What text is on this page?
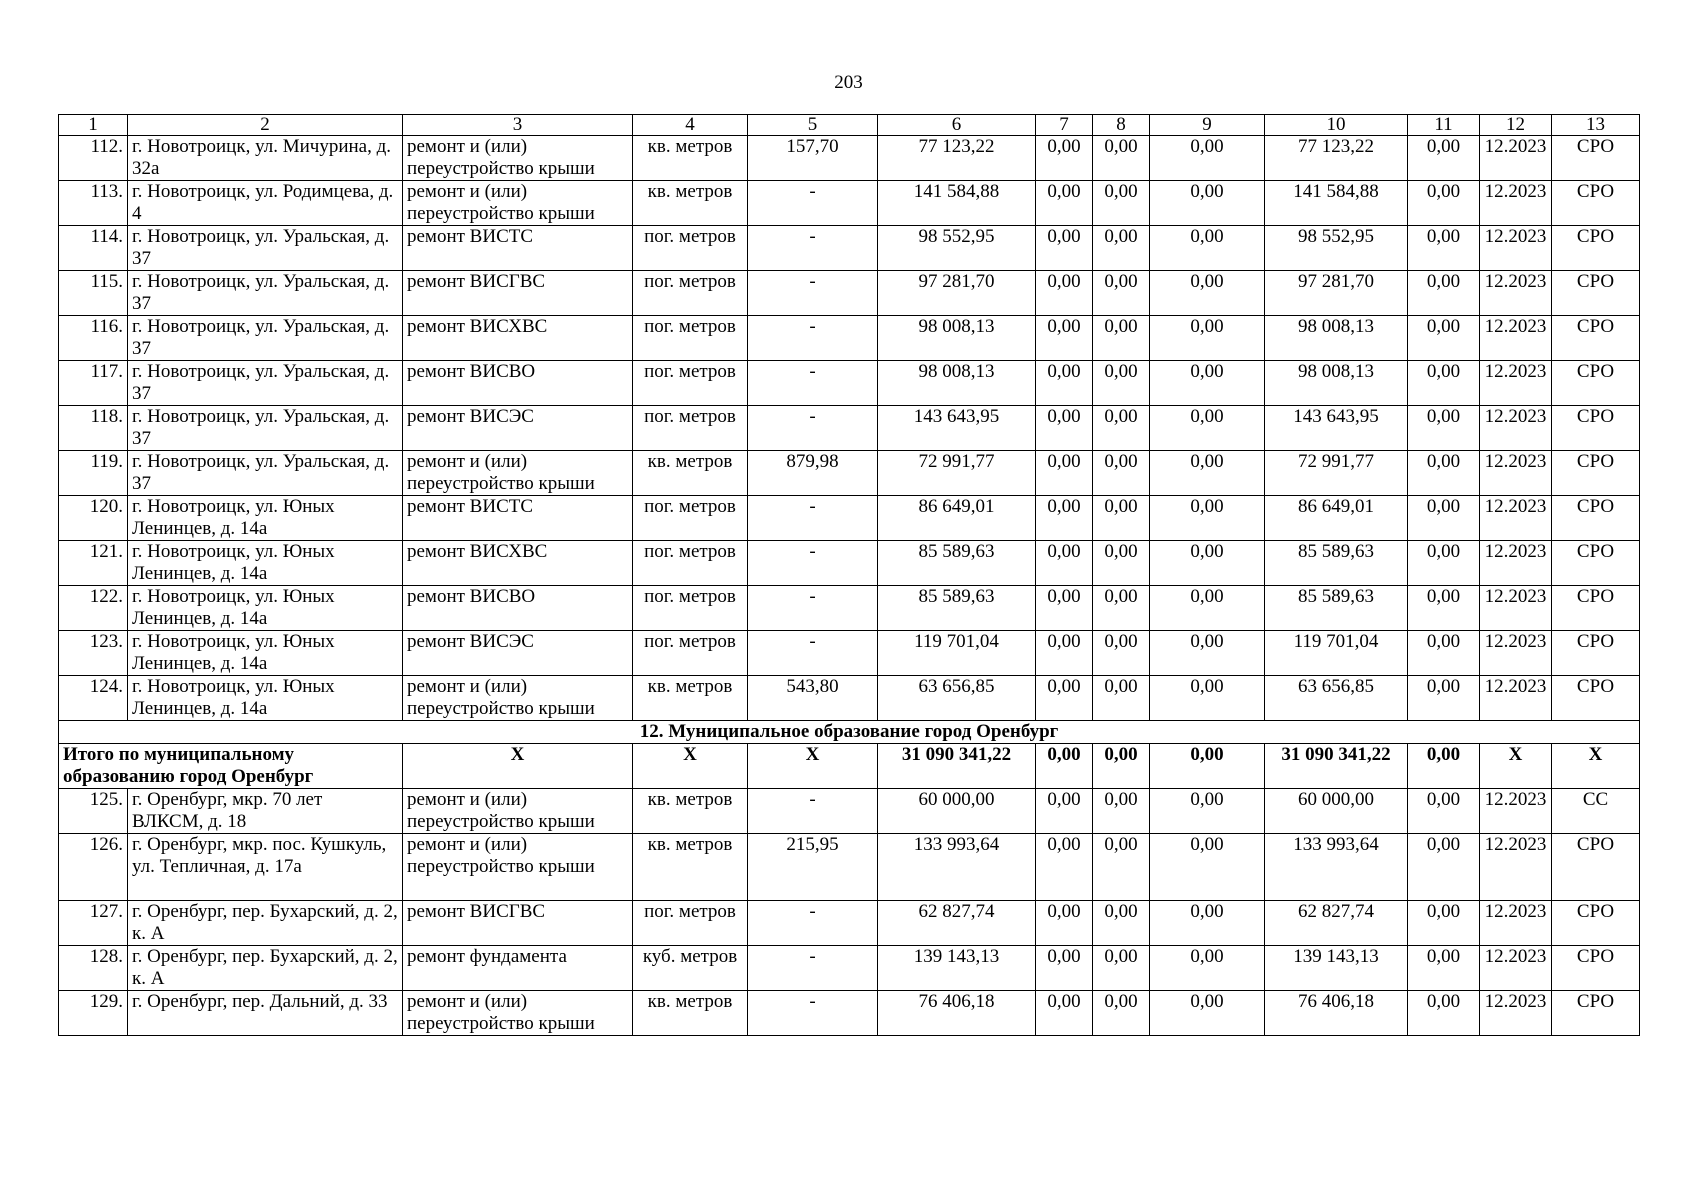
203
1	2	3	4	5	6	7	8	9	10	11	12	13
112.	г. Новотроицк, ул. Мичурина, д. 32а	ремонт и (или) переустройство крыши	кв. метров	157,70	77 123,22	0,00	0,00	0,00	77 123,22	0,00	12.2023	СРО
113.	г. Новотроицк, ул. Родимцева, д. 4	ремонт и (или) переустройство крыши	кв. метров	-	141 584,88	0,00	0,00	0,00	141 584,88	0,00	12.2023	СРО
114.	г. Новотроицк, ул. Уральская, д. 37	ремонт ВИСТС	пог. метров	-	98 552,95	0,00	0,00	0,00	98 552,95	0,00	12.2023	СРО
115.	г. Новотроицк, ул. Уральская, д. 37	ремонт ВИСГВС	пог. метров	-	97 281,70	0,00	0,00	0,00	97 281,70	0,00	12.2023	СРО
116.	г. Новотроицк, ул. Уральская, д. 37	ремонт ВИСХВС	пог. метров	-	98 008,13	0,00	0,00	0,00	98 008,13	0,00	12.2023	СРО
117.	г. Новотроицк, ул. Уральская, д. 37	ремонт ВИСВО	пог. метров	-	98 008,13	0,00	0,00	0,00	98 008,13	0,00	12.2023	СРО
118.	г. Новотроицк, ул. Уральская, д. 37	ремонт ВИСЭС	пог. метров	-	143 643,95	0,00	0,00	0,00	143 643,95	0,00	12.2023	СРО
119.	г. Новотроицк, ул. Уральская, д. 37	ремонт и (или) переустройство крыши	кв. метров	879,98	72 991,77	0,00	0,00	0,00	72 991,77	0,00	12.2023	СРО
120.	г. Новотроицк, ул. Юных Ленинцев, д. 14а	ремонт ВИСТС	пог. метров	-	86 649,01	0,00	0,00	0,00	86 649,01	0,00	12.2023	СРО
121.	г. Новотроицк, ул. Юных Ленинцев, д. 14а	ремонт ВИСХВС	пог. метров	-	85 589,63	0,00	0,00	0,00	85 589,63	0,00	12.2023	СРО
122.	г. Новотроицк, ул. Юных Ленинцев, д. 14а	ремонт ВИСВО	пог. метров	-	85 589,63	0,00	0,00	0,00	85 589,63	0,00	12.2023	СРО
123.	г. Новотроицк, ул. Юных Ленинцев, д. 14а	ремонт ВИСЭС	пог. метров	-	119 701,04	0,00	0,00	0,00	119 701,04	0,00	12.2023	СРО
124.	г. Новотроицк, ул. Юных Ленинцев, д. 14а	ремонт и (или) переустройство крыши	кв. метров	543,80	63 656,85	0,00	0,00	0,00	63 656,85	0,00	12.2023	СРО
12. Муниципальное образование город Оренбург												
Итого по муниципальному образованию город Оренбург		Х	Х	Х	31 090 341,22	0,00	0,00	0,00	31 090 341,22	0,00	Х	Х
125.	г. Оренбург, мкр. 70 лет ВЛКСМ, д. 18	ремонт и (или) переустройство крыши	кв. метров	-	60 000,00	0,00	0,00	0,00	60 000,00	0,00	12.2023	СС
126.	г. Оренбург, мкр. пос. Кушкуль, ул. Тепличная, д. 17а	ремонт и (или) переустройство крыши	кв. метров	215,95	133 993,64	0,00	0,00	0,00	133 993,64	0,00	12.2023	СРО
127.	г. Оренбург, пер. Бухарский, д. 2, к. А	ремонт ВИСГВС	пог. метров	-	62 827,74	0,00	0,00	0,00	62 827,74	0,00	12.2023	СРО
128.	г. Оренбург, пер. Бухарский, д. 2, к. А	ремонт фундамента	куб. метров	-	139 143,13	0,00	0,00	0,00	139 143,13	0,00	12.2023	СРО
129.	г. Оренбург, пер. Дальний, д. 33	ремонт и (или) переустройство крыши	кв. метров	-	76 406,18	0,00	0,00	0,00	76 406,18	0,00	12.2023	СРО
